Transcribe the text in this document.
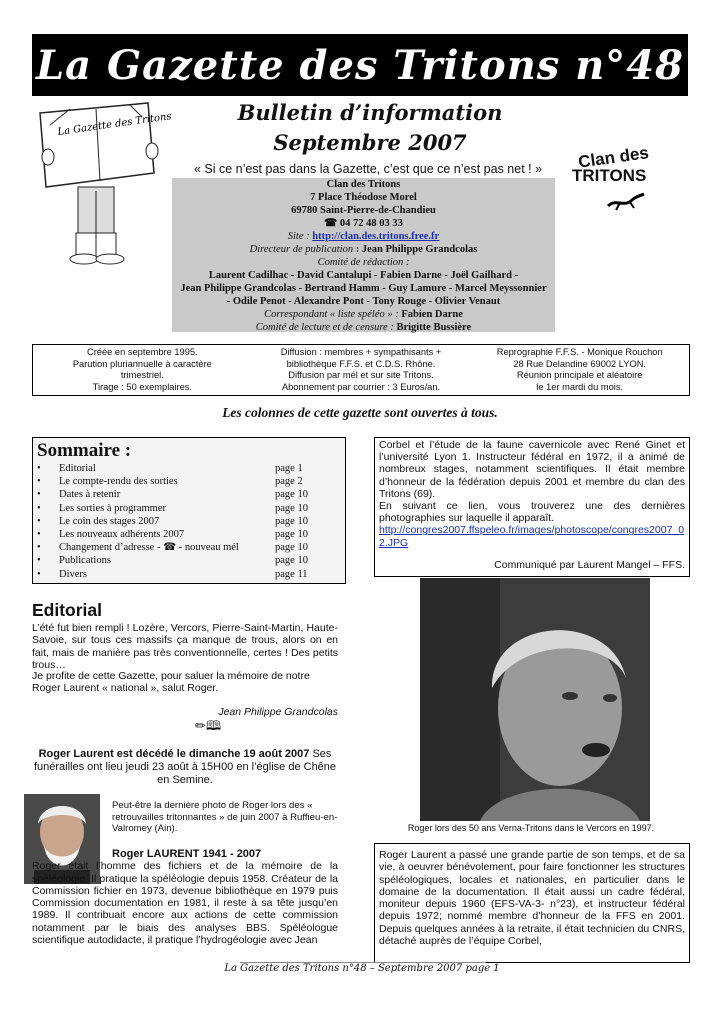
La Gazette des Tritons n°48
La Gazette des Tritons	Bulletin d’information
Septembre 2007
Clan des
TRITONS
« Si ce n’est pas dans la Gazette, c’est que ce n’est pas net ! »
Clan des Tritons
7 Place Théodose Morel
69780 Saint-Pierre-de-Chandieu
☎ 04 72 48 03 33
Site : http://clan.des.tritons.free.fr
Directeur de publication : Jean Philippe Grandcolas
Comité de rédaction :
Laurent Cadilhac - David Cantalupi - Fabien Darne - Joël Gailhard -
Jean Philippe Grandcolas - Bertrand Hamm - Guy Lamure - Marcel Meyssonnier
- Odile Penot - Alexandre Pont - Tony Rouge - Olivier Venaut
Correspondant « liste spéléo » : Fabien Darne
Comité de lecture et de censure : Brigitte Bussière
Créée en septembre 1995.
Parution pluriannuelle à caractère
trimestriel.
Tirage : 50 exemplaires.
Diffusion : membres + sympathisants +
bibliothèque F.F.S. et C.D.S. Rhône.
Diffusion par mél et sur site Tritons.
Abonnement par courrier : 3 Euros/an.
Reprographie F.F.S. - Monique Rouchon
28 Rue Delandine 69002 LYON.
Réunion principale et aléatoire
le 1er mardi du mois.
Les colonnes de cette gazette sont ouvertes à tous.
Sommaire :
• Editorial	page 1
• Le compte-rendu des sorties	page 2
• Dates à retenir	page 10
• Les sorties à programmer	page 10
• Le coin des stages 2007	page 10
• Les nouveaux adhérents 2007	page 10
• Changement d’adresse - ☎ - nouveau mél	page 10
• Publications	page 10
• Divers	page 11
Editorial
L’été fut bien rempli ! Lozère, Vercors, Pierre-Saint-Martin, Haute-Savoie, sur tous ces massifs ça manque de trous, alors on en fait, mais de manière pas très conventionnelle, certes ! Des petits trous…
Je profite de cette Gazette, pour saluer la mémoire de notre Roger Laurent « national », salut Roger.
Jean Philippe Grandcolas
✏🕮
Roger Laurent est décédé le dimanche 19 août 2007 Ses funérailles ont lieu jeudi 23 août à 15H00 en l’église de Chêne en Semine.
Peut-être la dernière photo de Roger lors des « retrouvailles tritonnantes » de juin 2007 à Ruffieu-en-Valromey (Ain).
Roger LAURENT 1941 - 2007
Roger était l’homme des fichiers et de la mémoire de la spéléologie. Il pratique la spéléologie depuis 1958. Créateur de la Commission fichier en 1973, devenue bibliothèque en 1979 puis Commission documentation en 1981, il reste à sa tête jusqu’en 1989. Il contribuait encore aux actions de cette commission notamment par le biais des analyses BBS. Spéléologue scientifique autodidacte, il pratique l’hydrogéologie avec Jean
Corbel et l’étude de la faune cavernicole avec René Ginet et l’université Lyon 1. Instructeur fédéral en 1972, il a animé de nombreux stages, notamment scientifiques. Il était membre d’honneur de la fédération depuis 2001 et membre du clan des Tritons (69).
En suivant ce lien, vous trouverez une des dernières photographies sur laquelle il apparaît.
http://congres2007.ffspeleo.fr/images/photoscope/congres2007_02.JPG
Communiqué par Laurent Mangel – FFS.
Roger lors des 50 ans Verna-Tritons dans le Vercors en 1997.
Roger Laurent a passé une grande partie de son temps, et de sa vie, à oeuvrer bénévolement, pour faire fonctionner les structures spéléologiques, locales et nationales, en particulier dans le domaine de la documentation. Il était aussi un cadre fédéral, moniteur depuis 1960 (EFS-VA-3- n°23), et instructeur fédéral depuis 1972; nommé membre d’honneur de la FFS en 2001. Depuis quelques années à la retraite, il était technicien du CNRS, détaché auprès de l’équipe Corbel,
La Gazette des Tritons n°48 – Septembre 2007 page 1
